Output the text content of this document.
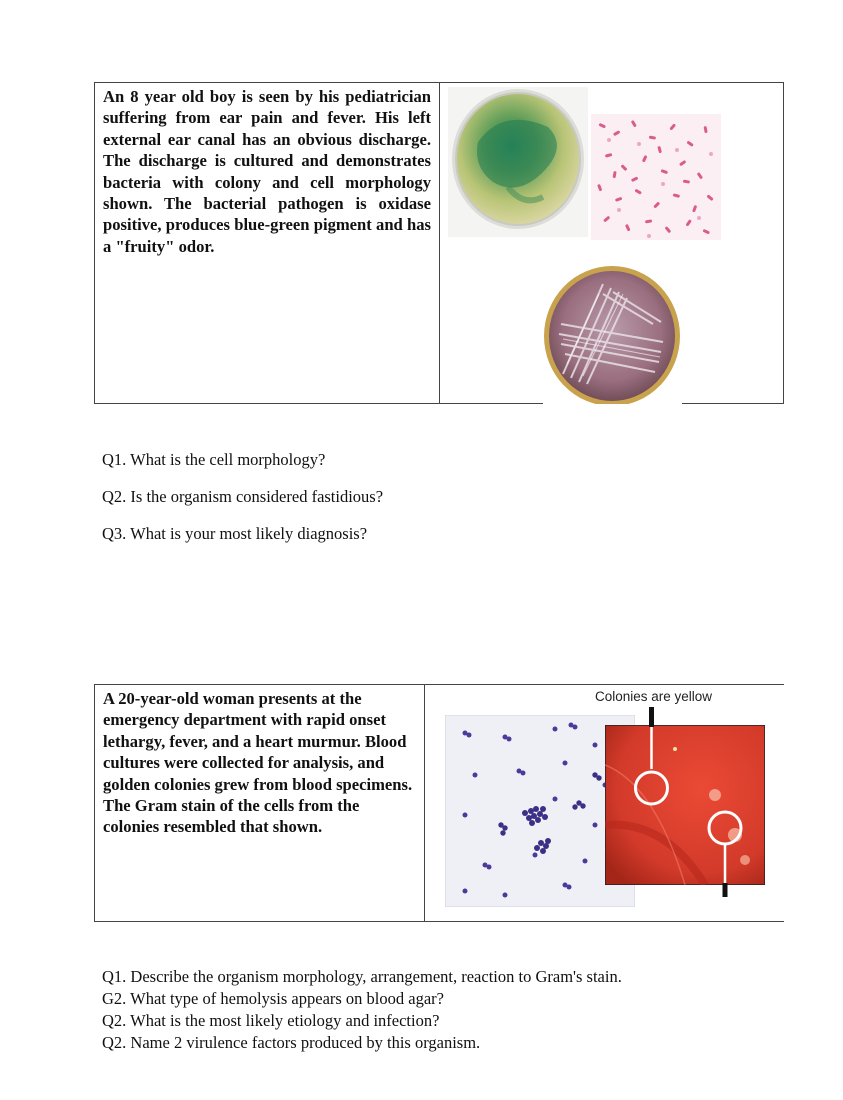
An 8 year old boy is seen by his pediatrician suffering from ear pain and fever. His left external ear canal has an obvious discharge. The discharge is cultured and demonstrates bacteria with colony and cell morphology shown. The bacterial pathogen is oxidase positive, produces blue-green pigment and has a "fruity" odor.

Q1. What is the cell morphology?

Q2. Is the organism considered fastidious?

Q3. What is your most likely diagnosis?

A 20-year-old woman presents at the emergency department with rapid onset lethargy, fever, and a heart murmur. Blood cultures were collected for analysis, and golden colonies grew from blood specimens. The Gram stain of the cells from the colonies resembled that shown.
Colonies are yellow

Q1. Describe the organism morphology, arrangement, reaction to Gram's stain.

G2. What type of hemolysis appears on blood agar?

Q2. What is the most likely etiology and infection?

Q2. Name 2 virulence factors produced by this organism.
